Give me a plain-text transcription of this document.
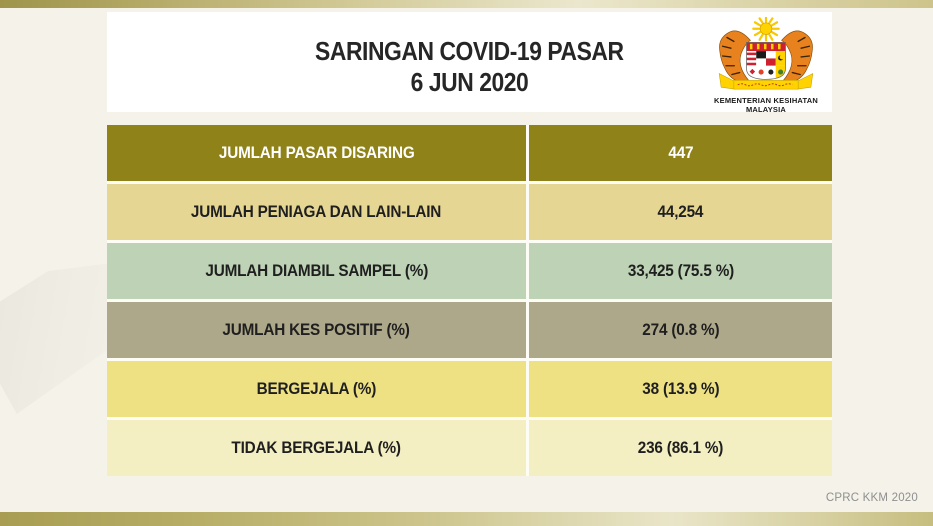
SARINGAN COVID-19 PASAR
6 JUN 2020
KEMENTERIAN KESIHATAN
MALAYSIA
JUMLAH PASAR DISARING	447
JUMLAH PENIAGA DAN LAIN-LAIN	44,254
JUMLAH DIAMBIL SAMPEL (%)	33,425 (75.5 %)
JUMLAH KES POSITIF (%)	274 (0.8 %)
BERGEJALA (%)	38 (13.9 %)
TIDAK BERGEJALA (%)	236 (86.1 %)
CPRC KKM 2020
